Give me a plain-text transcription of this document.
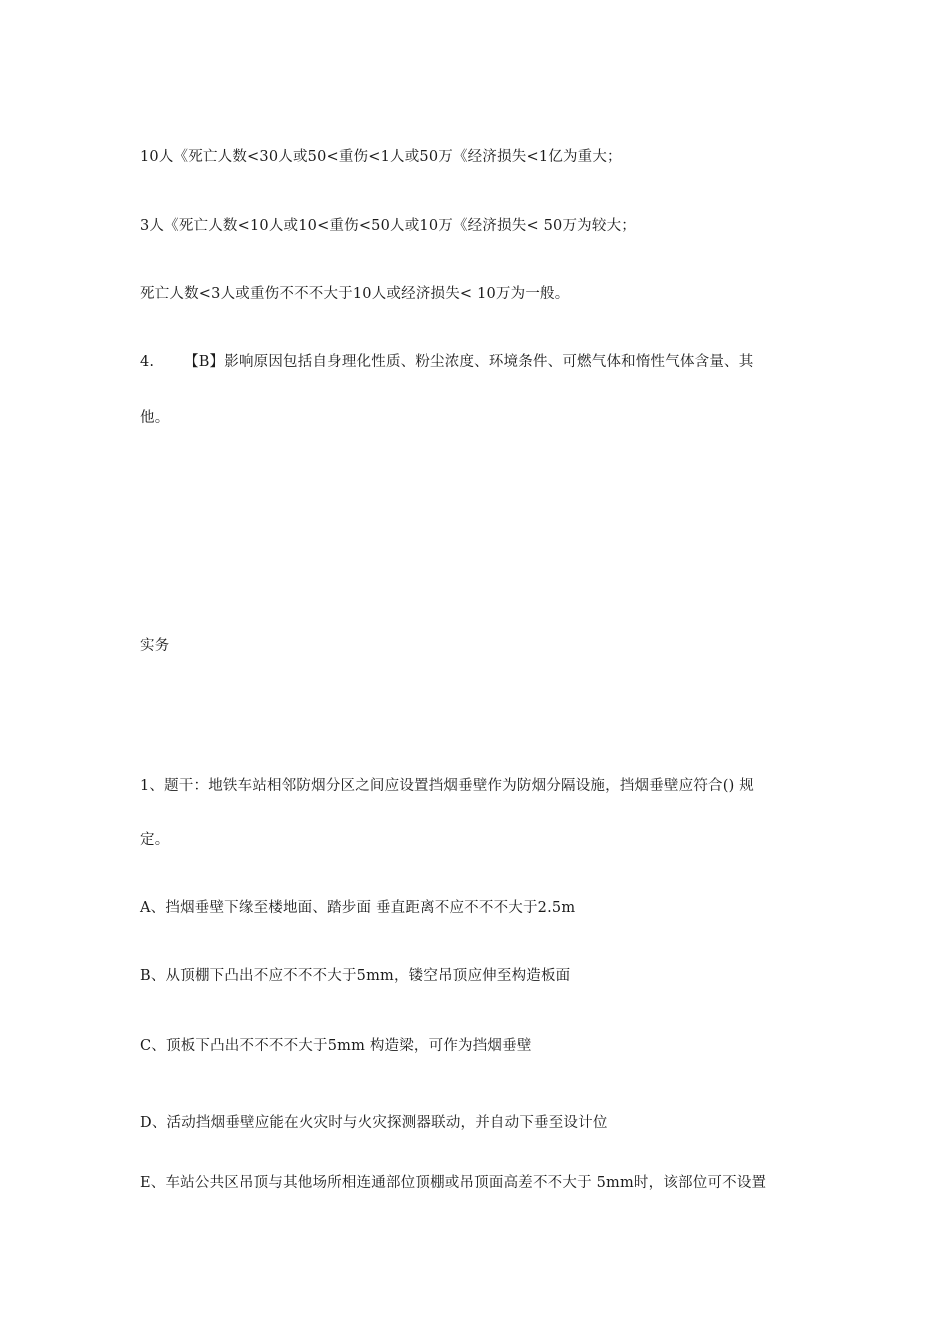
10人《死亡人数<30人或50<重伤<1人或50万《经济损失<1亿为重大；
3人《死亡人数<10人或10<重伤<50人或10万《经济损失< 50万为较大；
死亡人数<3人或重伤不不不大于10人或经济损失< 10万为一般。
4. 【B】影响原因包括自身理化性质、粉尘浓度、环境条件、可燃气体和惰性气体含量、其
他。
实务
1、题干：地铁车站相邻防烟分区之间应设置挡烟垂壁作为防烟分隔设施，挡烟垂壁应符合() 规
定。
A、挡烟垂壁下缘至楼地面、踏步面 垂直距离不应不不不大于2.5m
B、从顶棚下凸出不应不不不大于5mm，镂空吊顶应伸至构造板面
C、顶板下凸出不不不不大于5mm 构造梁，可作为挡烟垂壁
D、活动挡烟垂壁应能在火灾时与火灾探测器联动，并自动下垂至设计位
E、车站公共区吊顶与其他场所相连通部位顶棚或吊顶面高差不不大于 5mm时，该部位可不设置
